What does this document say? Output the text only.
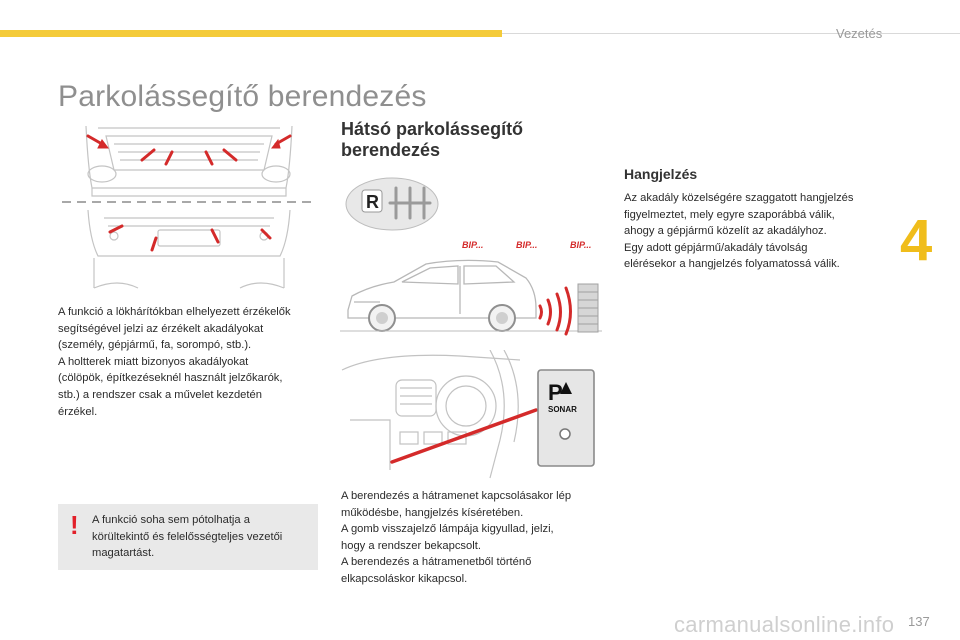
Vezetés
Parkolássegítő berendezés
4
A funkció a lökhárítókban elhelyezett érzékelők
segítségével jelzi az érzékelt akadályokat
(személy, gépjármű, fa, sorompó, stb.).
A holtterek miatt bizonyos akadályokat
(cölöpök, építkezéseknél használt jelzőkarók,
stb.) a rendszer csak a művelet kezdetén
érzékel.
! A funkció soha sem pótolhatja a
körültekintő és felelősségteljes vezetői
magatartást.
Hátsó parkolássegítő
berendezés
R
BIP...	BIP...	BIP...
P
SONAR
A berendezés a hátramenet kapcsolásakor lép
működésbe, hangjelzés kíséretében.
A gomb visszajelző lámpája kigyullad, jelzi,
hogy a rendszer bekapcsolt.
A berendezés a hátramenetből történő
elkapcsoláskor kikapcsol.
Hangjelzés
Az akadály közelségére szaggatott hangjelzés
figyelmeztet, mely egyre szaporábbá válik,
ahogy a gépjármű közelít az akadályhoz.
Egy adott gépjármű/akadály távolság
elérésekor a hangjelzés folyamatossá válik.
137
carmanualsonline.info
